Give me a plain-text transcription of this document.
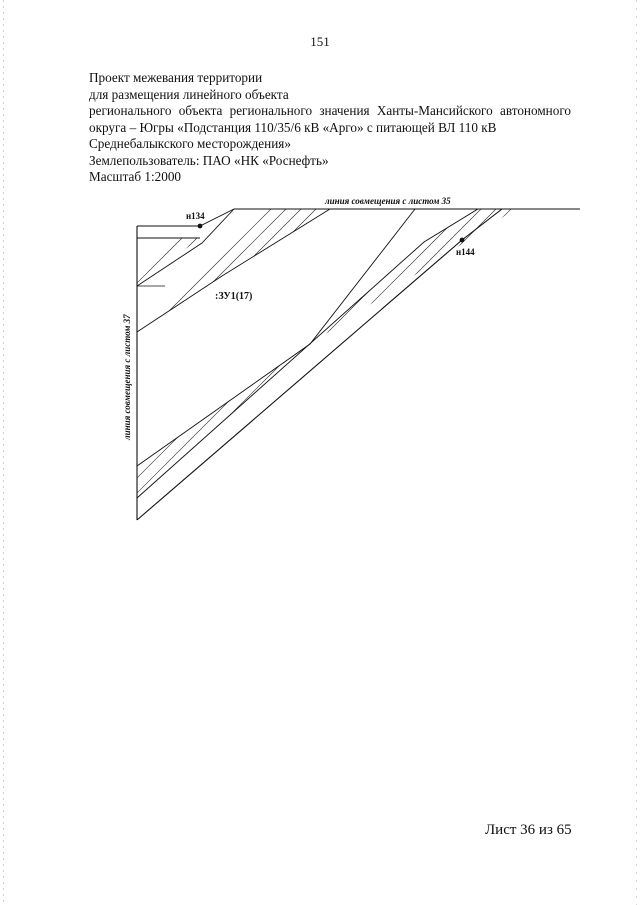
151
Проект межевания территории
для размещения линейного объекта
регионального объекта регионального значения Ханты-Мансийского автономного
округа – Югры «Подстанция 110/35/6 кВ «Арго» с питающей ВЛ 110 кВ
Среднебалыкского месторождения»
Землепользователь: ПАО «НК «Роснефть»
Масштаб 1:2000
н134
н144
:ЗУ1(17)
линия совмещения с листом 35
линия совмещения с листом 37
Лист 36 из 65
